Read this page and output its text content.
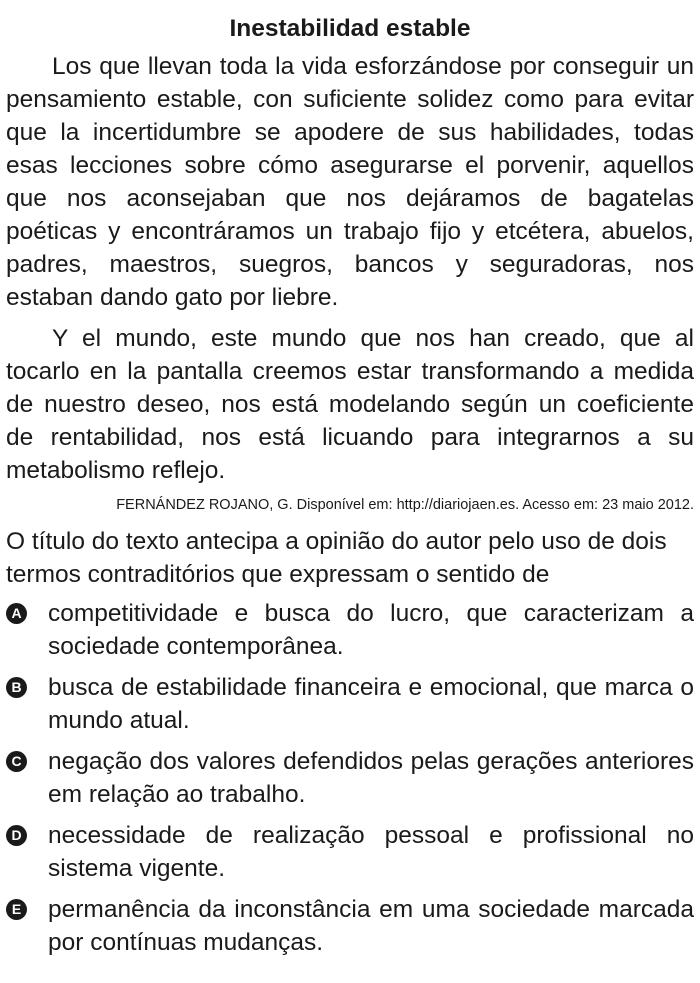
Inestabilidad estable

Los que llevan toda la vida esforzándose por conseguir un pensamiento estable, con suficiente solidez como para evitar que la incertidumbre se apodere de sus habilidades, todas esas lecciones sobre cómo asegurarse el porvenir, aquellos que nos aconsejaban que nos dejáramos de bagatelas poéticas y encontráramos un trabajo fijo y etcétera, abuelos, padres, maestros, suegros, bancos y seguradoras, nos estaban dando gato por liebre.

Y el mundo, este mundo que nos han creado, que al tocarlo en la pantalla creemos estar transformando a medida de nuestro deseo, nos está modelando según un coeficiente de rentabilidad, nos está licuando para integrarnos a su metabolismo reflejo.

FERNÁNDEZ ROJANO, G. Disponível em: http://diariojaen.es. Acesso em: 23 maio 2012.
O título do texto antecipa a opinião do autor pelo uso de dois termos contraditórios que expressam o sentido de
A competitividade e busca do lucro, que caracterizam a sociedade contemporânea.
B busca de estabilidade financeira e emocional, que marca o mundo atual.
C negação dos valores defendidos pelas gerações anteriores em relação ao trabalho.
D necessidade de realização pessoal e profissional no sistema vigente.
E permanência da inconstância em uma sociedade marcada por contínuas mudanças.
